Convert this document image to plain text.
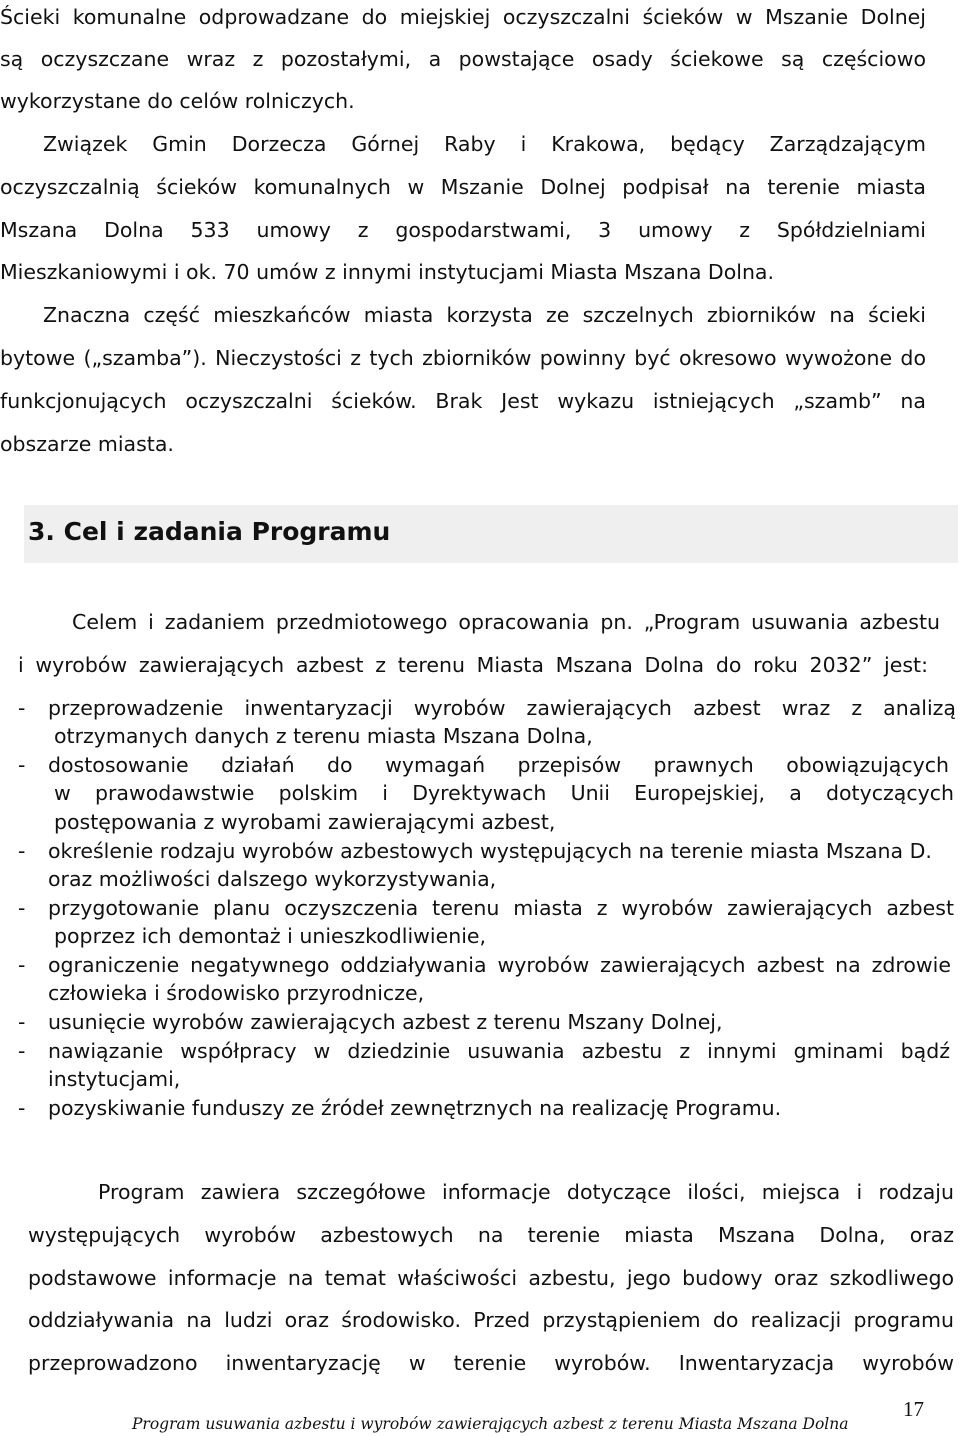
Ścieki komunalne odprowadzane do miejskiej oczyszczalni ścieków w Mszanie Dolnej
są oczyszczane wraz z pozostałymi, a powstające osady ściekowe są częściowo
wykorzystane do celów rolniczych.
Związek Gmin Dorzecza Górnej Raby i Krakowa, będący Zarządzającym
oczyszczalnią ścieków komunalnych w Mszanie Dolnej podpisał na terenie miasta
Mszana Dolna 533 umowy z gospodarstwami, 3 umowy z Spółdzielniami
Mieszkaniowymi i ok. 70 umów z innymi instytucjami Miasta Mszana Dolna.
Znaczna część mieszkańców miasta korzysta ze szczelnych zbiorników na ścieki
bytowe („szamba”). Nieczystości z tych zbiorników powinny być okresowo wywożone do
funkcjonujących oczyszczalni ścieków. Brak Jest wykazu istniejących „szamb” na
obszarze miasta.
3. Cel i zadania Programu
Celem i zadaniem przedmiotowego opracowania pn. „Program usuwania azbestu
i wyrobów zawierających azbest z terenu Miasta Mszana Dolna do roku 2032” jest:
- przeprowadzenie inwentaryzacji wyrobów zawierających azbest wraz z analizą
otrzymanych danych z terenu miasta Mszana Dolna,
- dostosowanie działań do wymagań przepisów prawnych obowiązujących
w prawodawstwie polskim i Dyrektywach Unii Europejskiej, a dotyczących
postępowania z wyrobami zawierającymi azbest,
- określenie rodzaju wyrobów azbestowych występujących na terenie miasta Mszana D.
oraz możliwości dalszego wykorzystywania,
- przygotowanie planu oczyszczenia terenu miasta z wyrobów zawierających azbest
poprzez ich demontaż i unieszkodliwienie,
- ograniczenie negatywnego oddziaływania wyrobów zawierających azbest na zdrowie
człowieka i środowisko przyrodnicze,
- usunięcie wyrobów zawierających azbest z terenu Mszany Dolnej,
- nawiązanie współpracy w dziedzinie usuwania azbestu z innymi gminami bądź
instytucjami,
- pozyskiwanie funduszy ze źródeł zewnętrznych na realizację Programu.
Program zawiera szczegółowe informacje dotyczące ilości, miejsca i rodzaju
występujących wyrobów azbestowych na terenie miasta Mszana Dolna, oraz
podstawowe informacje na temat właściwości azbestu, jego budowy oraz szkodliwego
oddziaływania na ludzi oraz środowisko. Przed przystąpieniem do realizacji programu
przeprowadzono inwentaryzację w terenie wyrobów. Inwentaryzacja wyrobów
Program usuwania azbestu i wyrobów zawierających azbest z terenu Miasta Mszana Dolna
17
